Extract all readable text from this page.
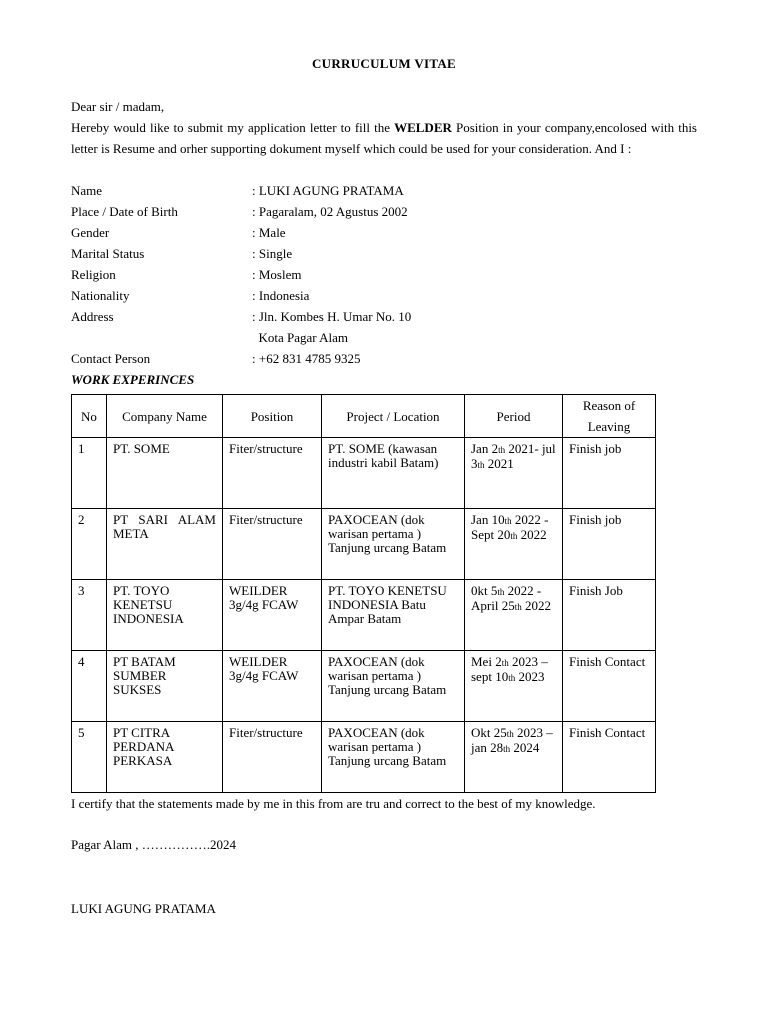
CURRUCULUM VITAE
Dear sir / madam,
Hereby would like to submit my application letter to fill the WELDER Position in your company,encolosed with this letter is Resume and orher supporting dokument myself which could be used for your consideration. And I :
Name	: LUKI AGUNG PRATAMA
Place / Date of Birth	: Pagaralam, 02 Agustus 2002
Gender	: Male
Marital Status	: Single
Religion	: Moslem
Nationality	: Indonesia
Address	: Jln. Kombes H. Umar No. 10
Kota Pagar Alam
Contact Person	: +62 831 4785 9325
WORK EXPERINCES
No	Company Name	Position	Project / Location	Period	Reason of Leaving
1	PT. SOME	Fiter/structure	PT. SOME (kawasan industri kabil Batam)	Jan 2th 2021- jul 3th 2021	Finish job
2	PT SARI ALAM META	Fiter/structure	PAXOCEAN (dok warisan pertama ) Tanjung urcang Batam	Jan 10th 2022 - Sept 20th 2022	Finish job
3	PT. TOYO KENETSU INDONESIA	WEILDER 3g/4g FCAW	PT. TOYO KENETSU INDONESIA Batu Ampar Batam	0kt 5th 2022 - April 25th 2022	Finish Job
4	PT BATAM SUMBER SUKSES	WEILDER 3g/4g FCAW	PAXOCEAN (dok warisan pertama ) Tanjung urcang Batam	Mei 2th 2023 –sept 10th 2023	Finish Contact
5	PT CITRA PERDANA PERKASA	Fiter/structure	PAXOCEAN (dok warisan pertama ) Tanjung urcang Batam	Okt 25th 2023 –jan 28th 2024	Finish Contact
I certify that the statements made by me in this from are tru and correct to the best of my knowledge.
Pagar Alam , …………….2024
LUKI AGUNG PRATAMA
